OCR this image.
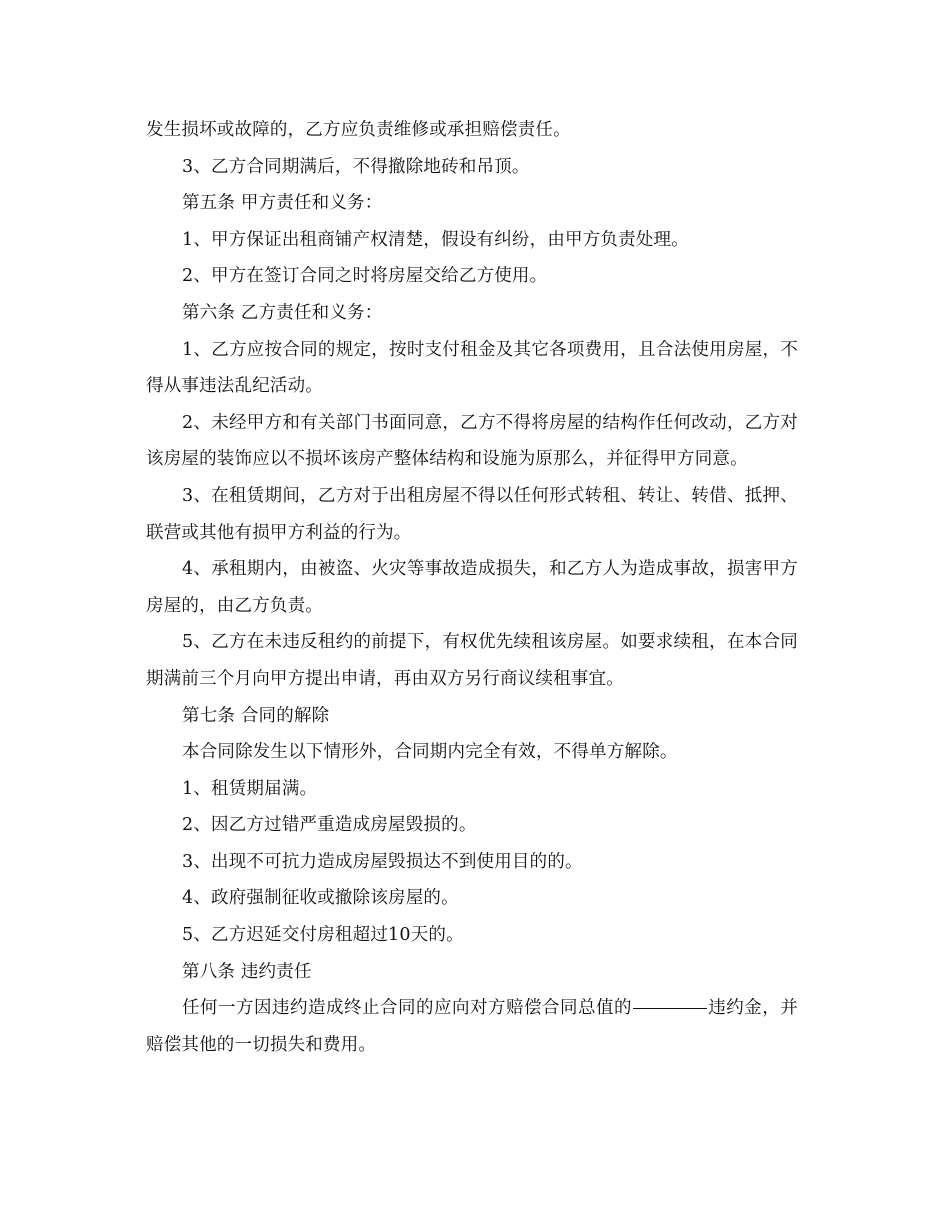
发生损坏或故障的，乙方应负责维修或承担赔偿责任。

3、乙方合同期满后，不得撤除地砖和吊顶。

第五条 甲方责任和义务：

1、甲方保证出租商铺产权清楚，假设有纠纷，由甲方负责处理。

2、甲方在签订合同之时将房屋交给乙方使用。

第六条 乙方责任和义务：

1、乙方应按合同的规定，按时支付租金及其它各项费用，且合法使用房屋，不得从事违法乱纪活动。

2、未经甲方和有关部门书面同意，乙方不得将房屋的结构作任何改动，乙方对该房屋的装饰应以不损坏该房产整体结构和设施为原那么，并征得甲方同意。

3、在租赁期间，乙方对于出租房屋不得以任何形式转租、转让、转借、抵押、联营或其他有损甲方利益的行为。

4、承租期内，由被盗、火灾等事故造成损失，和乙方人为造成事故，损害甲方房屋的，由乙方负责。

5、乙方在未违反租约的前提下，有权优先续租该房屋。如要求续租，在本合同期满前三个月向甲方提出申请，再由双方另行商议续租事宜。

第七条 合同的解除

本合同除发生以下情形外，合同期内完全有效，不得单方解除。

1、租赁期届满。

2、因乙方过错严重造成房屋毁损的。

3、出现不可抗力造成房屋毁损达不到使用目的的。

4、政府强制征收或撤除该房屋的。

5、乙方迟延交付房租超过10天的。

第八条 违约责任

任何一方因违约造成终止合同的应向对方赔偿合同总值的	违约金，并赔偿其他的一切损失和费用。
